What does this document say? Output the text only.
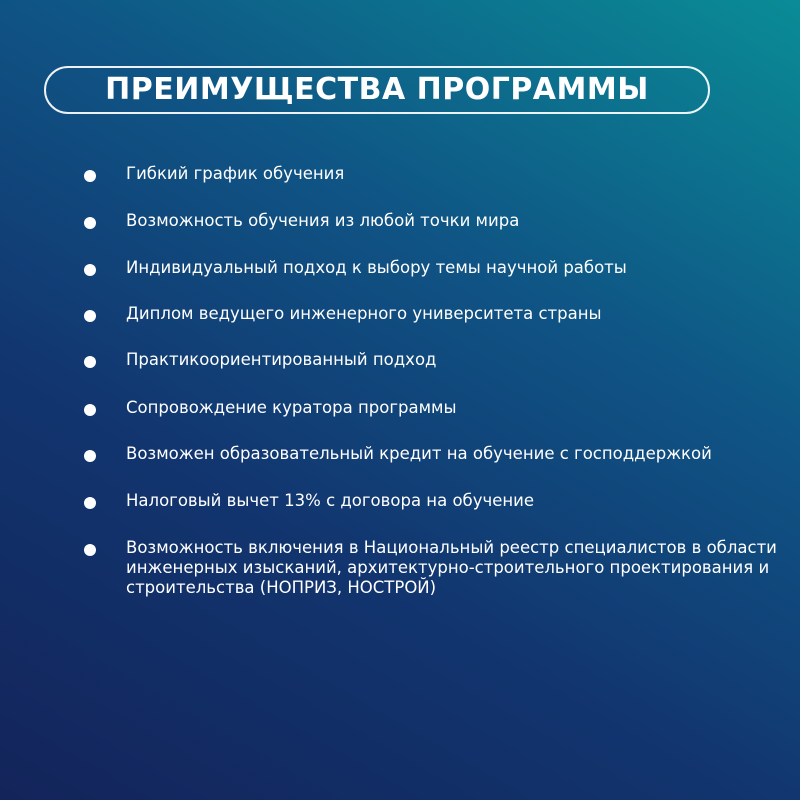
ПРЕИМУЩЕСТВА ПРОГРАММЫ
Гибкий график обучения
Возможность обучения из любой точки мира
Индивидуальный подход к выбору темы научной работы
Диплом ведущего инженерного университета страны
Практикоориентированный подход
Сопровождение куратора программы
Возможен образовательный кредит на обучение с господдержкой
Налоговый вычет 13% с договора на обучение
Возможность включения в Национальный реестр специалистов в области инженерных изысканий, архитектурно-строительного проектирования и строительства (НОПРИЗ, НОСТРОЙ)
